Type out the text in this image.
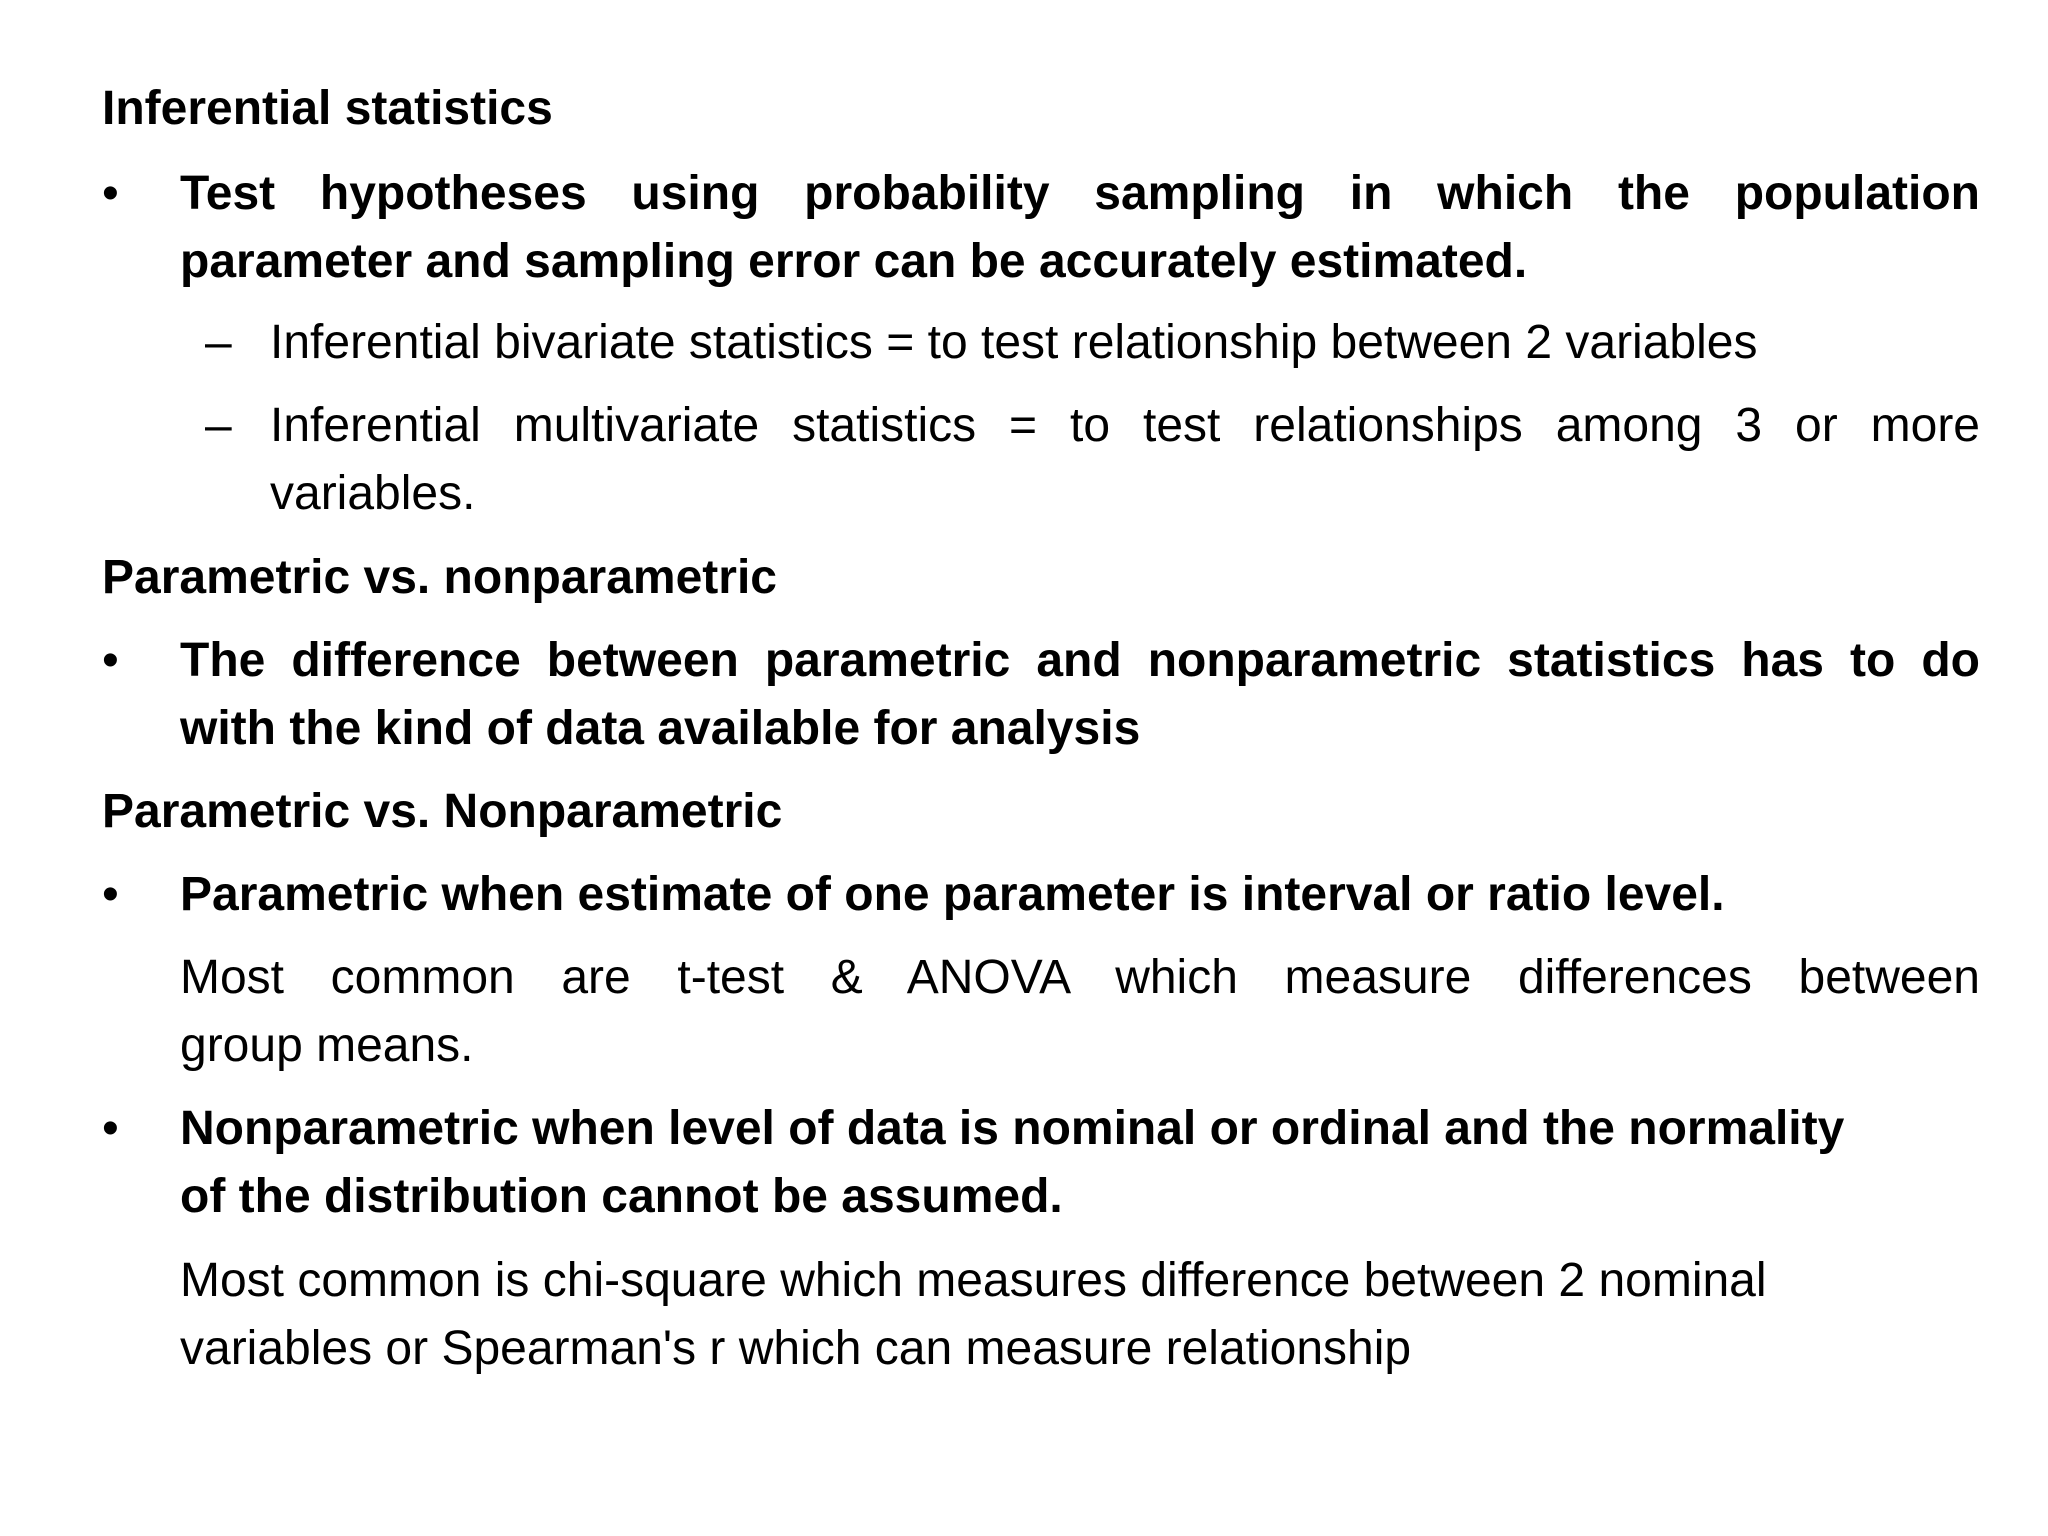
Inferential statistics

• Test hypotheses using probability sampling in which the population

parameter and sampling error can be accurately estimated.

– Inferential bivariate statistics = to test relationship between 2 variables

– Inferential multivariate statistics = to test relationships among 3 or more

variables.

Parametric vs. nonparametric

• The difference between parametric and nonparametric statistics has to do

with the kind of data available for analysis

Parametric vs. Nonparametric

• Parametric when estimate of one parameter is interval or ratio level.

Most common are t-test & ANOVA which measure differences between

group means.

• Nonparametric when level of data is nominal or ordinal and the normality

of the distribution cannot be assumed.

Most common is chi-square which measures difference between 2 nominal

variables or Spearman's r which can measure relationship
